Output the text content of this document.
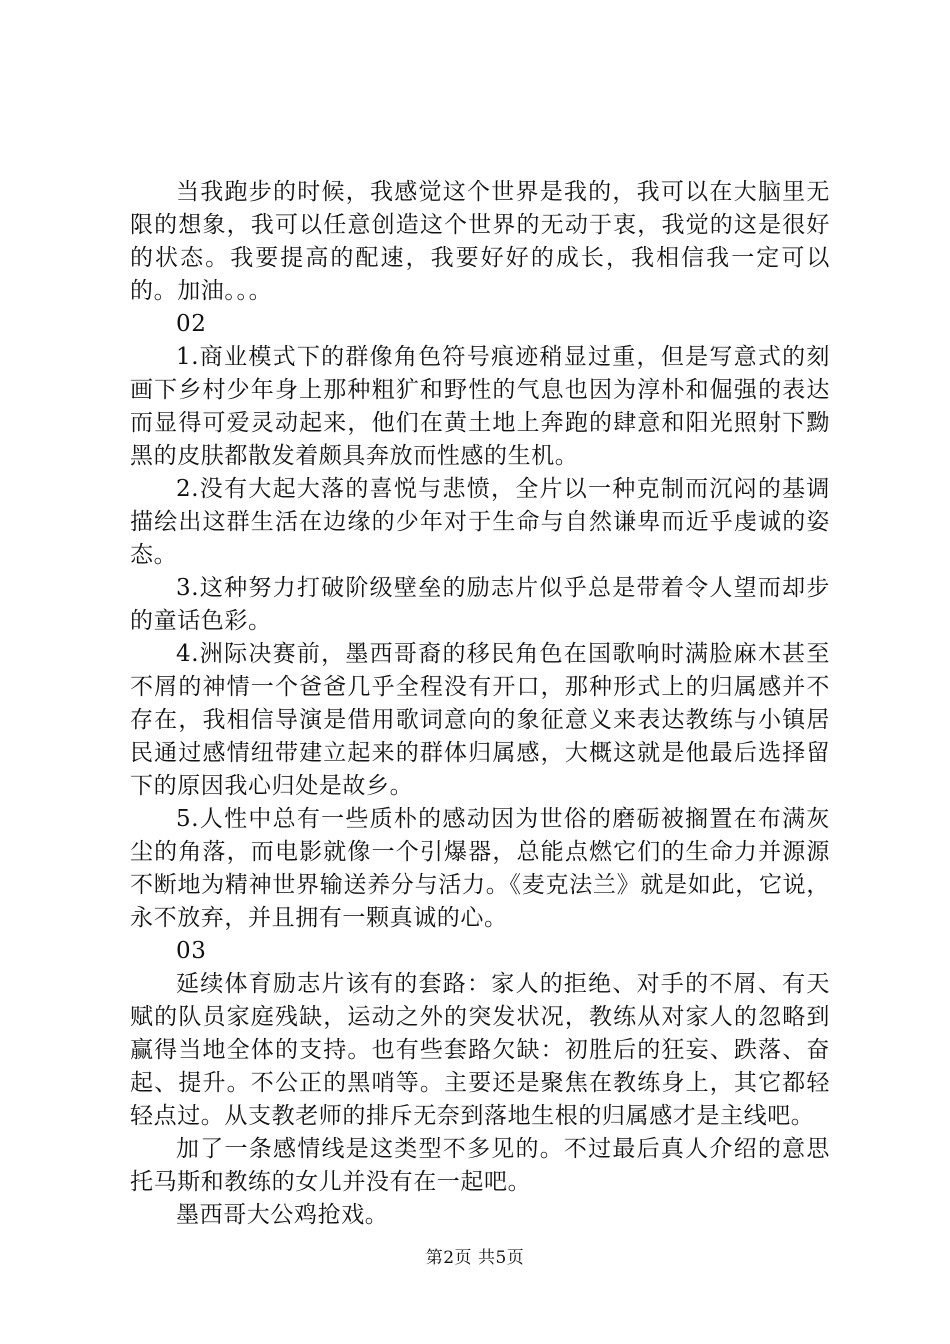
当我跑步的时候，我感觉这个世界是我的，我可以在大脑里无限的想象，我可以任意创造这个世界的无动于衷，我觉的这是很好的状态。我要提高的配速，我要好好的成长，我相信我一定可以的。加油。。。

02

1.商业模式下的群像角色符号痕迹稍显过重，但是写意式的刻画下乡村少年身上那种粗犷和野性的气息也因为淳朴和倔强的表达而显得可爱灵动起来，他们在黄土地上奔跑的肆意和阳光照射下黝黑的皮肤都散发着颇具奔放而性感的生机。

2.没有大起大落的喜悦与悲愤，全片以一种克制而沉闷的基调描绘出这群生活在边缘的少年对于生命与自然谦卑而近乎虔诚的姿态。

3.这种努力打破阶级壁垒的励志片似乎总是带着令人望而却步的童话色彩。

4.洲际决赛前，墨西哥裔的移民角色在国歌响时满脸麻木甚至不屑的神情一个爸爸几乎全程没有开口，那种形式上的归属感并不存在，我相信导演是借用歌词意向的象征意义来表达教练与小镇居民通过感情纽带建立起来的群体归属感，大概这就是他最后选择留下的原因我心归处是故乡。

5.人性中总有一些质朴的感动因为世俗的磨砺被搁置在布满灰尘的角落，而电影就像一个引爆器，总能点燃它们的生命力并源源不断地为精神世界输送养分与活力。《麦克法兰》就是如此，它说，永不放弃，并且拥有一颗真诚的心。

03

延续体育励志片该有的套路：家人的拒绝、对手的不屑、有天赋的队员家庭残缺，运动之外的突发状况，教练从对家人的忽略到赢得当地全体的支持。也有些套路欠缺：初胜后的狂妄、跌落、奋起、提升。不公正的黑哨等。主要还是聚焦在教练身上，其它都轻轻点过。从支教老师的排斥无奈到落地生根的归属感才是主线吧。

加了一条感情线是这类型不多见的。不过最后真人介绍的意思托马斯和教练的女儿并没有在一起吧。

墨西哥大公鸡抢戏。

第2页 共5页
